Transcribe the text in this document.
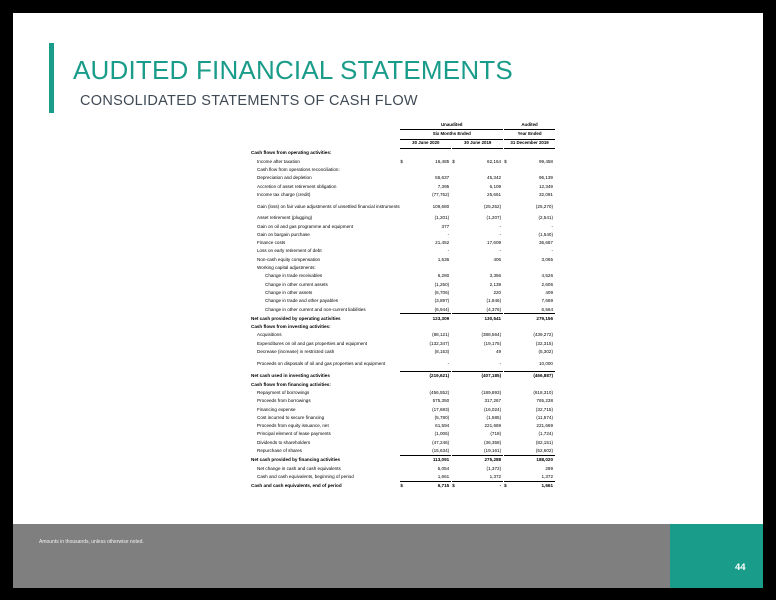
AUDITED FINANCIAL STATEMENTS
CONSOLIDATED STATEMENTS OF CASH FLOW
	Unaudited				Audited	
	Six Months Ended				Year Ended	
	30 June 2020		30 June 2019		31 December 2019	
Cash flows from operating activities:								
Income after taxation	$	16,485		$	62,164		$	99,458
Cash flow from operations reconciliation:								
Depreciation and depletion		55,637			45,342			96,139
Accretion of asset retirement obligation		7,395			6,109			12,349
Income tax charge (credit)		(77,752)			25,661			32,091
Gain (loss) on fair value adjustments of unsettled financial instruments		109,680			(25,252)			(25,270)
Asset retirement (plugging)		(1,201)			(1,207)			(2,541)
Gain on oil and gas programme and equipment		377			-			-
Gain on bargain purchase		-			-			(1,540)
Finance costs		21,452			17,609			36,667
Loss on early retirement of debt		-			-			-
Non-cash equity compensation		1,536			406			3,065
Working capital adjustments:								
Change in trade receivables		6,280			3,356			4,526
Change in other current assets		(1,250)			2,139			2,606
Change in other assets		(6,706)			220			409
Change in trade and other payables		(3,897)			(1,846)			7,669
Change in other current and non-current liabilities		(6,944)			(4,376)			6,564
Net cash provided by operating activities		123,309			130,541			279,156
Cash flows from investing activities:								
Acquisitions		(88,121)			(388,564)			(439,272)
Expenditures on oil and gas properties and equipment		(132,347)			(19,175)			(32,315)
Decrease (increase) in restricted cash		(8,153)			49			(5,302)
Proceeds on disposals of oil and gas properties and equipment		-			-			10,000
Net cash used in investing activities		(219,621)			(407,185)			(466,887)
Cash flows from financing activities:								
Repayment of borrowings		(456,552)			(189,893)			(618,310)
Proceeds from borrowings		575,350			317,267			765,238
Financing expense		(17,683)			(16,024)			(32,715)
Cost incurred to secure financing		(5,780)			(1,585)			(11,574)
Proceeds from equity issuance, net		61,594			221,669			221,669
Principal element of lease payments		(1,006)			(718)			(1,724)
Dividends to shareholders		(47,246)			(36,358)			(82,151)
Repurchase of shares		(15,634)			(19,161)			(52,602)
Net cash provided by financing activities		113,091			275,288			188,020
Net change in cash and cash equivalents		5,054			(1,372)			289
Cash and cash equivalents, beginning of period		1,661			1,372			1,372
Cash and cash equivalents, end of period	$	6,715		$	-		$	1,661
Amounts in thousands, unless otherwise noted.
44
